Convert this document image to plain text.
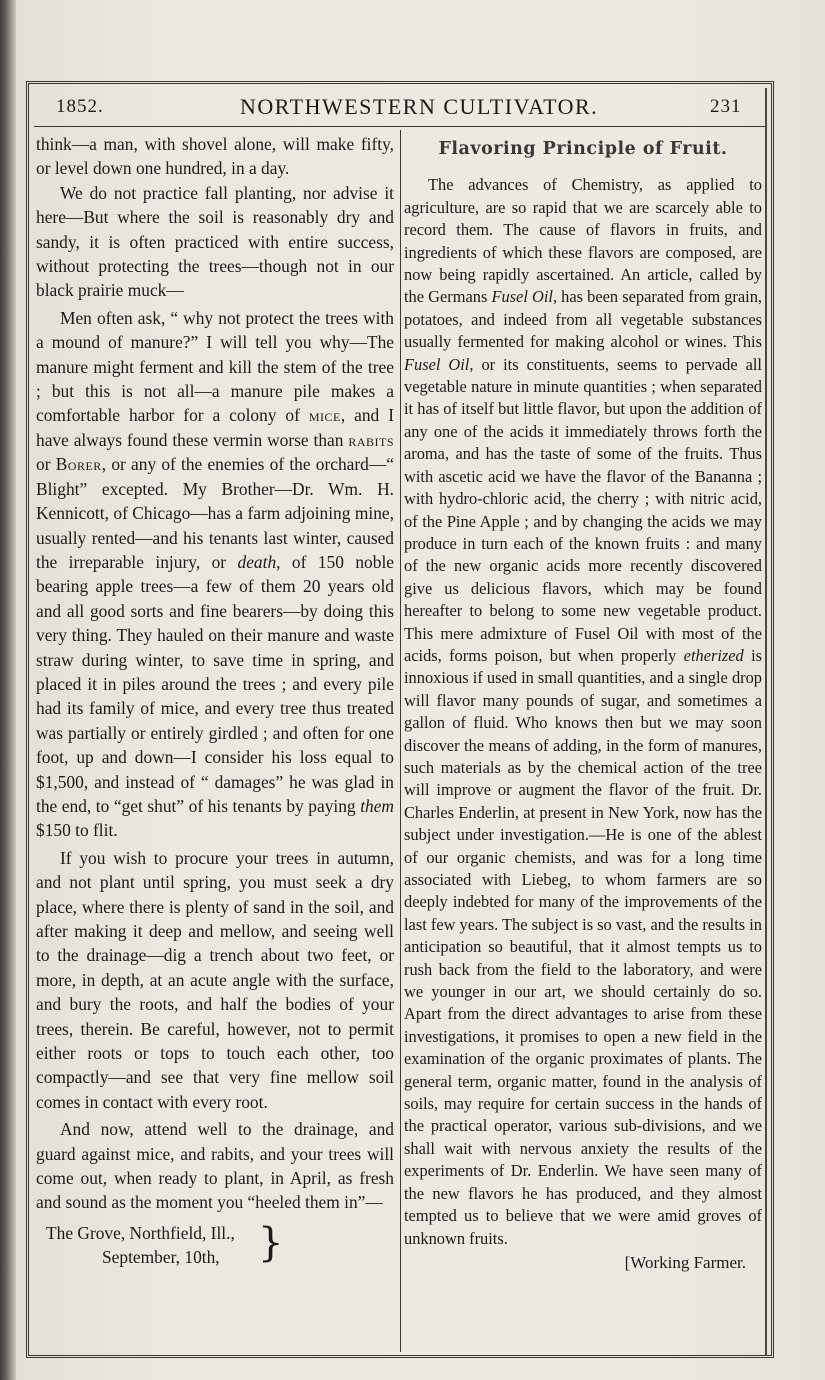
1852.	NORTHWESTERN CULTIVATOR.	231

think—a man, with shovel alone, will make fifty, or level down one hundred, in a day.

We do not practice fall planting, nor advise it here—But where the soil is reasonably dry and sandy, it is often practiced with entire success, without protecting the trees—though not in our black prairie muck—

Men often ask, “ why not protect the trees with a mound of manure?” I will tell you why—The manure might ferment and kill the stem of the tree ; but this is not all—a manure pile makes a comfortable harbor for a colony of mice, and I have always found these vermin worse than rabits or Borer, or any of the enemies of the orchard—“ Blight” excepted. My Brother—Dr. Wm. H. Kennicott, of Chicago—has a farm adjoining mine, usually rented—and his tenants last winter, caused the irreparable injury, or death, of 150 noble bearing apple trees—a few of them 20 years old and all good sorts and fine bearers—by doing this very thing. They hauled on their manure and waste straw during winter, to save time in spring, and placed it in piles around the trees ; and every pile had its family of mice, and every tree thus treated was partially or entirely girdled ; and often for one foot, up and down—I consider his loss equal to $1,500, and instead of “ damages” he was glad in the end, to “get shut” of his tenants by paying them $150 to flit.

If you wish to procure your trees in autumn, and not plant until spring, you must seek a dry place, where there is plenty of sand in the soil, and after making it deep and mellow, and seeing well to the drainage—dig a trench about two feet, or more, in depth, at an acute angle with the surface, and bury the roots, and half the bodies of your trees, therein. Be careful, however, not to permit either roots or tops to touch each other, too compactly—and see that very fine mellow soil comes in contact with every root.

And now, attend well to the drainage, and guard against mice, and rabits, and your trees will come out, when ready to plant, in April, as fresh and sound as the moment you “heeled them in”—

The Grove, Northfield, Ill.,
September, 10th, }
Flavoring Principle of Fruit.

The advances of Chemistry, as applied to agriculture, are so rapid that we are scarcely able to record them. The cause of flavors in fruits, and ingredients of which these flavors are composed, are now being rapidly ascertained. An article, called by the Germans Fusel Oil, has been separated from grain, potatoes, and indeed from all vegetable substances usually fermented for making alcohol or wines. This Fusel Oil, or its constituents, seems to pervade all vegetable nature in minute quantities ; when separated it has of itself but little flavor, but upon the addition of any one of the acids it immediately throws forth the aroma, and has the taste of some of the fruits. Thus with ascetic acid we have the flavor of the Bananna ; with hydro-chloric acid, the cherry ; with nitric acid, of the Pine Apple ; and by changing the acids we may produce in turn each of the known fruits : and many of the new organic acids more recently discovered give us delicious flavors, which may be found hereafter to belong to some new vegetable product. This mere admixture of Fusel Oil with most of the acids, forms poison, but when properly etherized is innoxious if used in small quantities, and a single drop will flavor many pounds of sugar, and sometimes a gallon of fluid. Who knows then but we may soon discover the means of adding, in the form of manures, such materials as by the chemical action of the tree will improve or augment the flavor of the fruit. Dr. Charles Enderlin, at present in New York, now has the subject under investigation.—He is one of the ablest of our organic chemists, and was for a long time associated with Liebeg, to whom farmers are so deeply indebted for many of the improvements of the last few years. The subject is so vast, and the results in anticipation so beautiful, that it almost tempts us to rush back from the field to the laboratory, and were we younger in our art, we should certainly do so. Apart from the direct advantages to arise from these investigations, it promises to open a new field in the examination of the organic proximates of plants. The general term, organic matter, found in the analysis of soils, may require for certain success in the hands of the practical operator, various sub-divisions, and we shall wait with nervous anxiety the results of the experiments of Dr. Enderlin. We have seen many of the new flavors he has produced, and they almost tempted us to believe that we were amid groves of unknown fruits.

[Working Farmer.
